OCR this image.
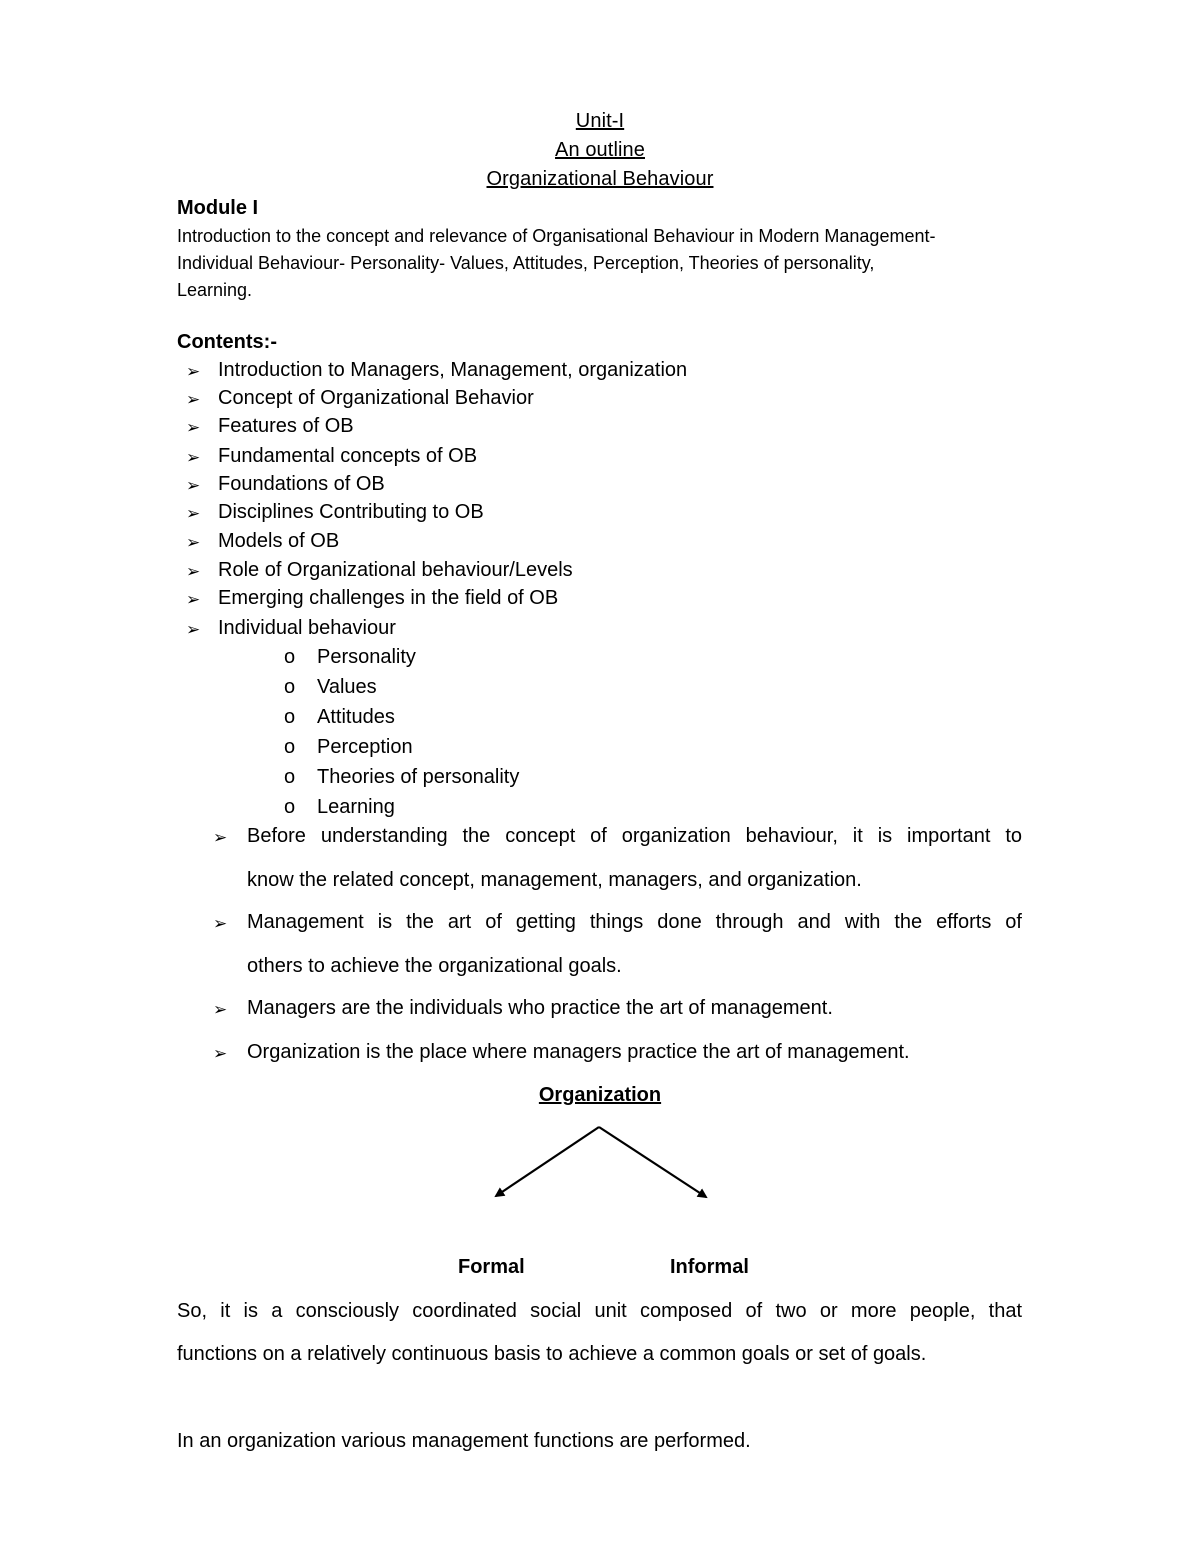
Unit-I
An outline
Organizational Behaviour
Module I
Introduction to the concept and relevance of Organisational Behaviour in Modern Management-
Individual Behaviour- Personality- Values, Attitudes, Perception, Theories of personality,
Learning.
Contents:-
➢ Introduction to Managers, Management, organization
➢ Concept of Organizational Behavior
➢ Features of OB
➢ Fundamental concepts of OB
➢ Foundations of OB
➢ Disciplines Contributing to OB
➢ Models of OB
➢ Role of Organizational behaviour/Levels
➢ Emerging challenges in the field of OB
➢ Individual behaviour
o Personality
o Values
o Attitudes
o Perception
o Theories of personality
o Learning
➢ Before understanding the concept of organization behaviour, it is important to
know the related concept, management, managers, and organization.
➢ Management is the art of getting things done through and with the efforts of
others to achieve the organizational goals.
➢ Managers are the individuals who practice the art of management.
➢ Organization is the place where managers practice the art of management.
Organization
Formal	Informal
So, it is a consciously coordinated social unit composed of two or more people, that
functions on a relatively continuous basis to achieve a common goals or set of goals.
In an organization various management functions are performed.
